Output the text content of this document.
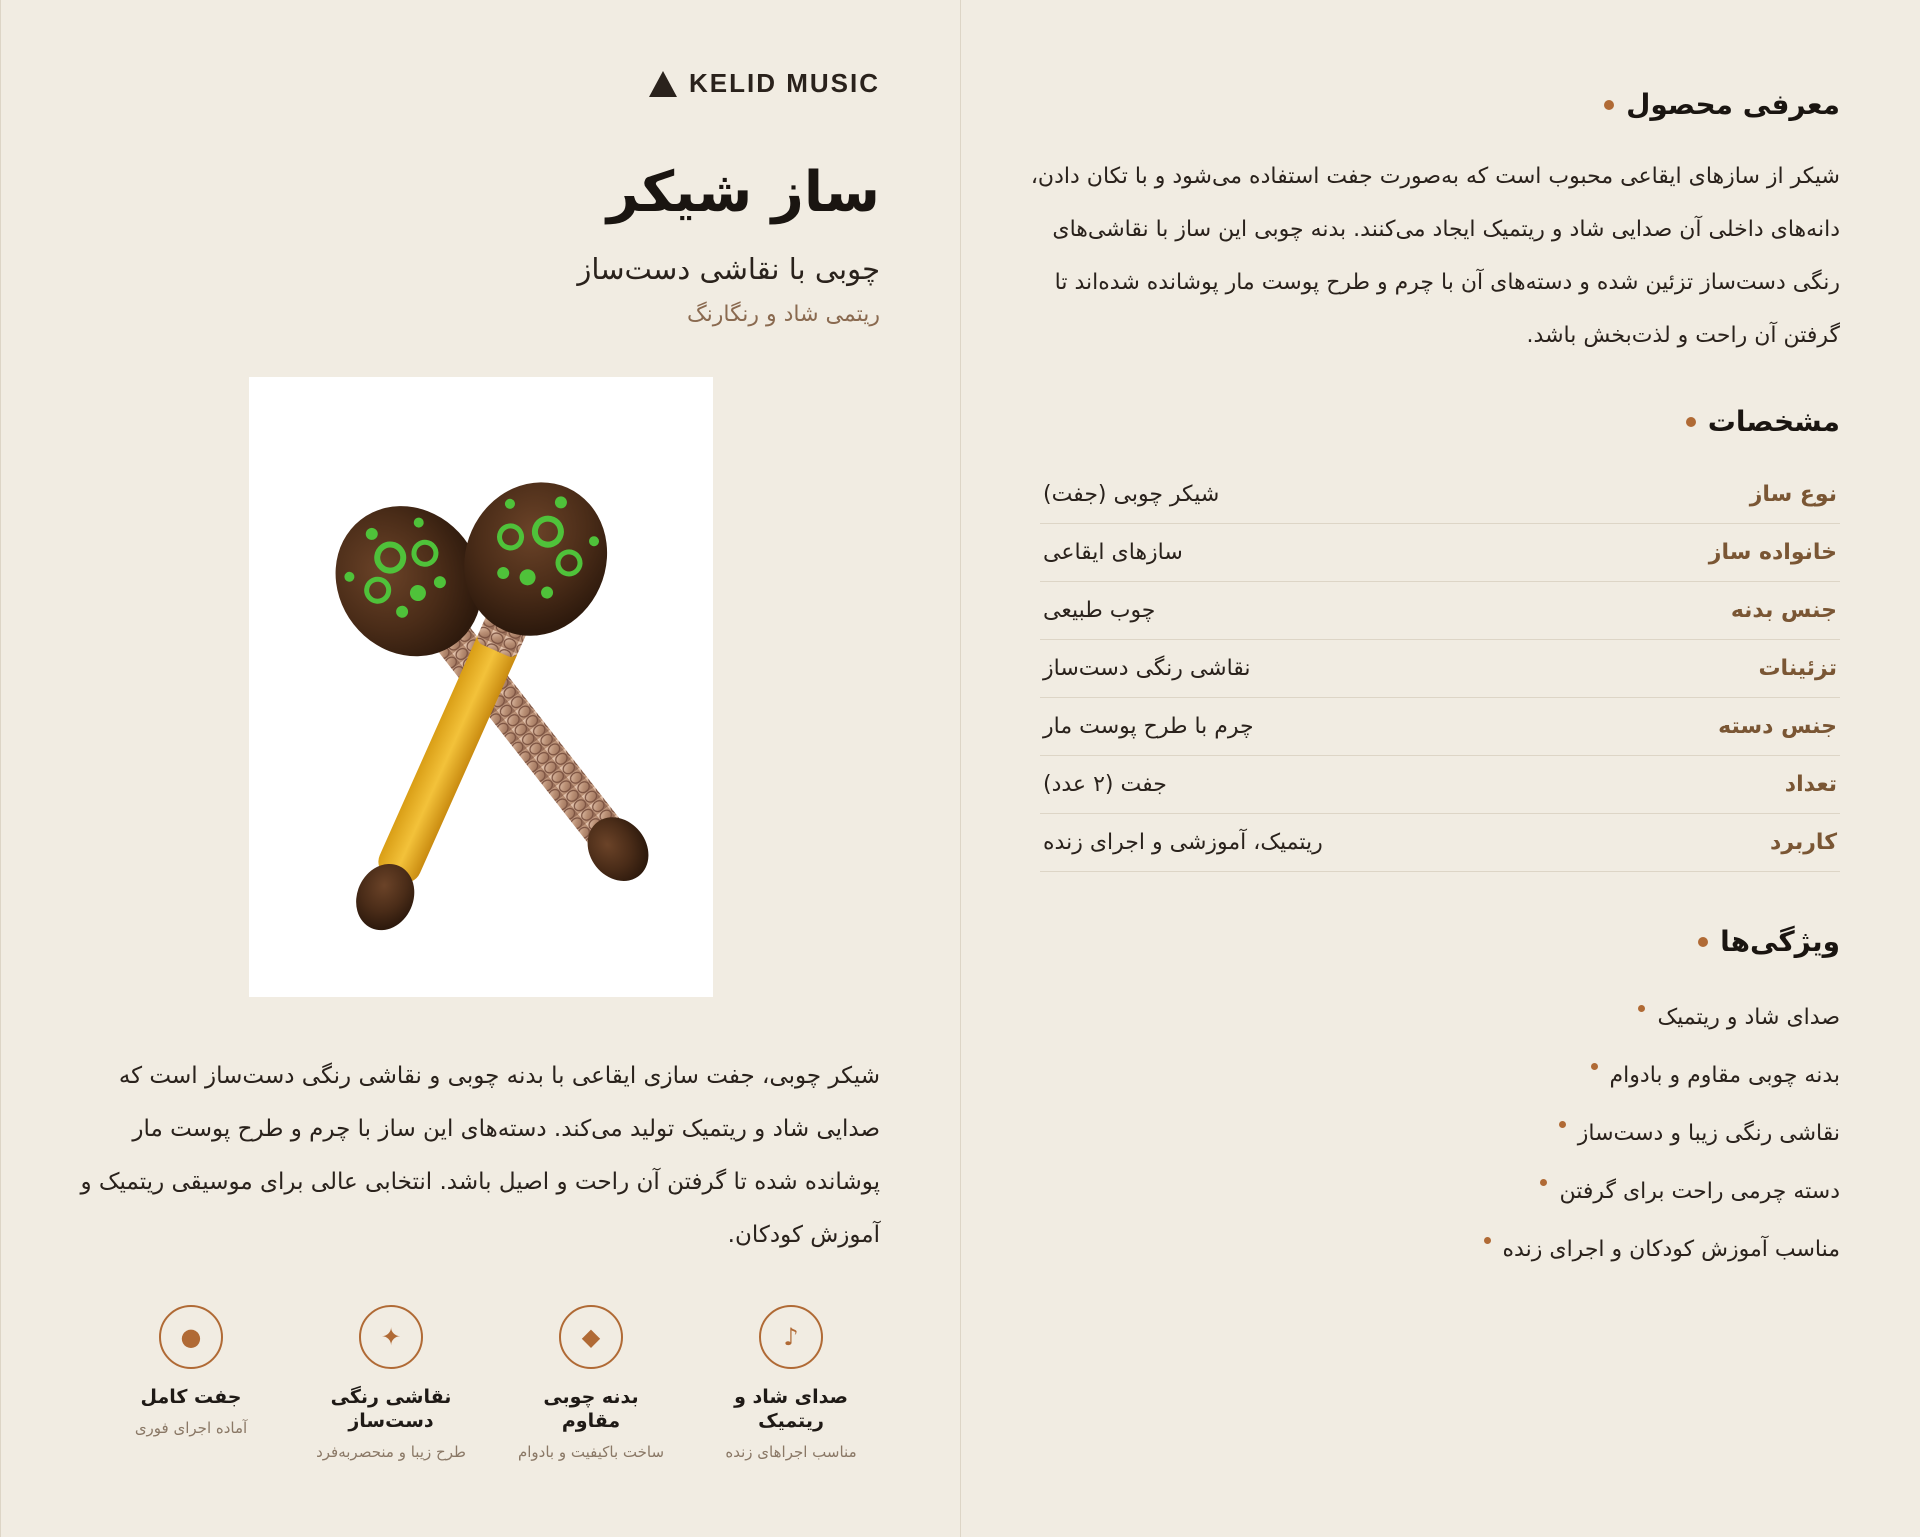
KELID MUSIC
ساز شیکر
چوبی با نقاشی دست‌ساز
ریتمی شاد و رنگارنگ

شیکر چوبی، جفت سازی ایقاعی با بدنه چوبی و نقاشی رنگی دست‌ساز است که صدایی شاد و ریتمیک تولید می‌کند. دسته‌های این ساز با چرم و طرح پوست مار پوشانده شده تا گرفتن آن راحت و اصیل باشد. انتخابی عالی برای موسیقی ریتمیک و آموزش کودکان.

♪
صدای شاد و ریتمیک
مناسب اجراهای زنده
◆
بدنه چوبی مقاوم
ساخت باکیفیت و بادوام
✦
نقاشی رنگی دست‌ساز
طرح زیبا و منحصربه‌فرد
●
جفت کامل
آماده اجرای فوری
معرفی محصول

شیکر از سازهای ایقاعی محبوب است که به‌صورت جفت استفاده می‌شود و با تکان دادن، دانه‌های داخلی آن صدایی شاد و ریتمیک ایجاد می‌کنند. بدنه چوبی این ساز با نقاشی‌های رنگی دست‌ساز تزئین شده و دسته‌های آن با چرم و طرح پوست مار پوشانده شده‌اند تا گرفتن آن راحت و لذت‌بخش باشد.

مشخصات
نوع ساز
شیکر چوبی (جفت)
خانواده ساز
سازهای ایقاعی
جنس بدنه
چوب طبیعی
تزئینات
نقاشی رنگی دست‌ساز
جنس دسته
چرم با طرح پوست مار
تعداد
جفت (۲ عدد)
کاربرد
ریتمیک، آموزشی و اجرای زنده
ویژگی‌ها
صدای شاد و ریتمیک
بدنه چوبی مقاوم و بادوام
نقاشی رنگی زیبا و دست‌ساز
دسته چرمی راحت برای گرفتن
مناسب آموزش کودکان و اجرای زنده
